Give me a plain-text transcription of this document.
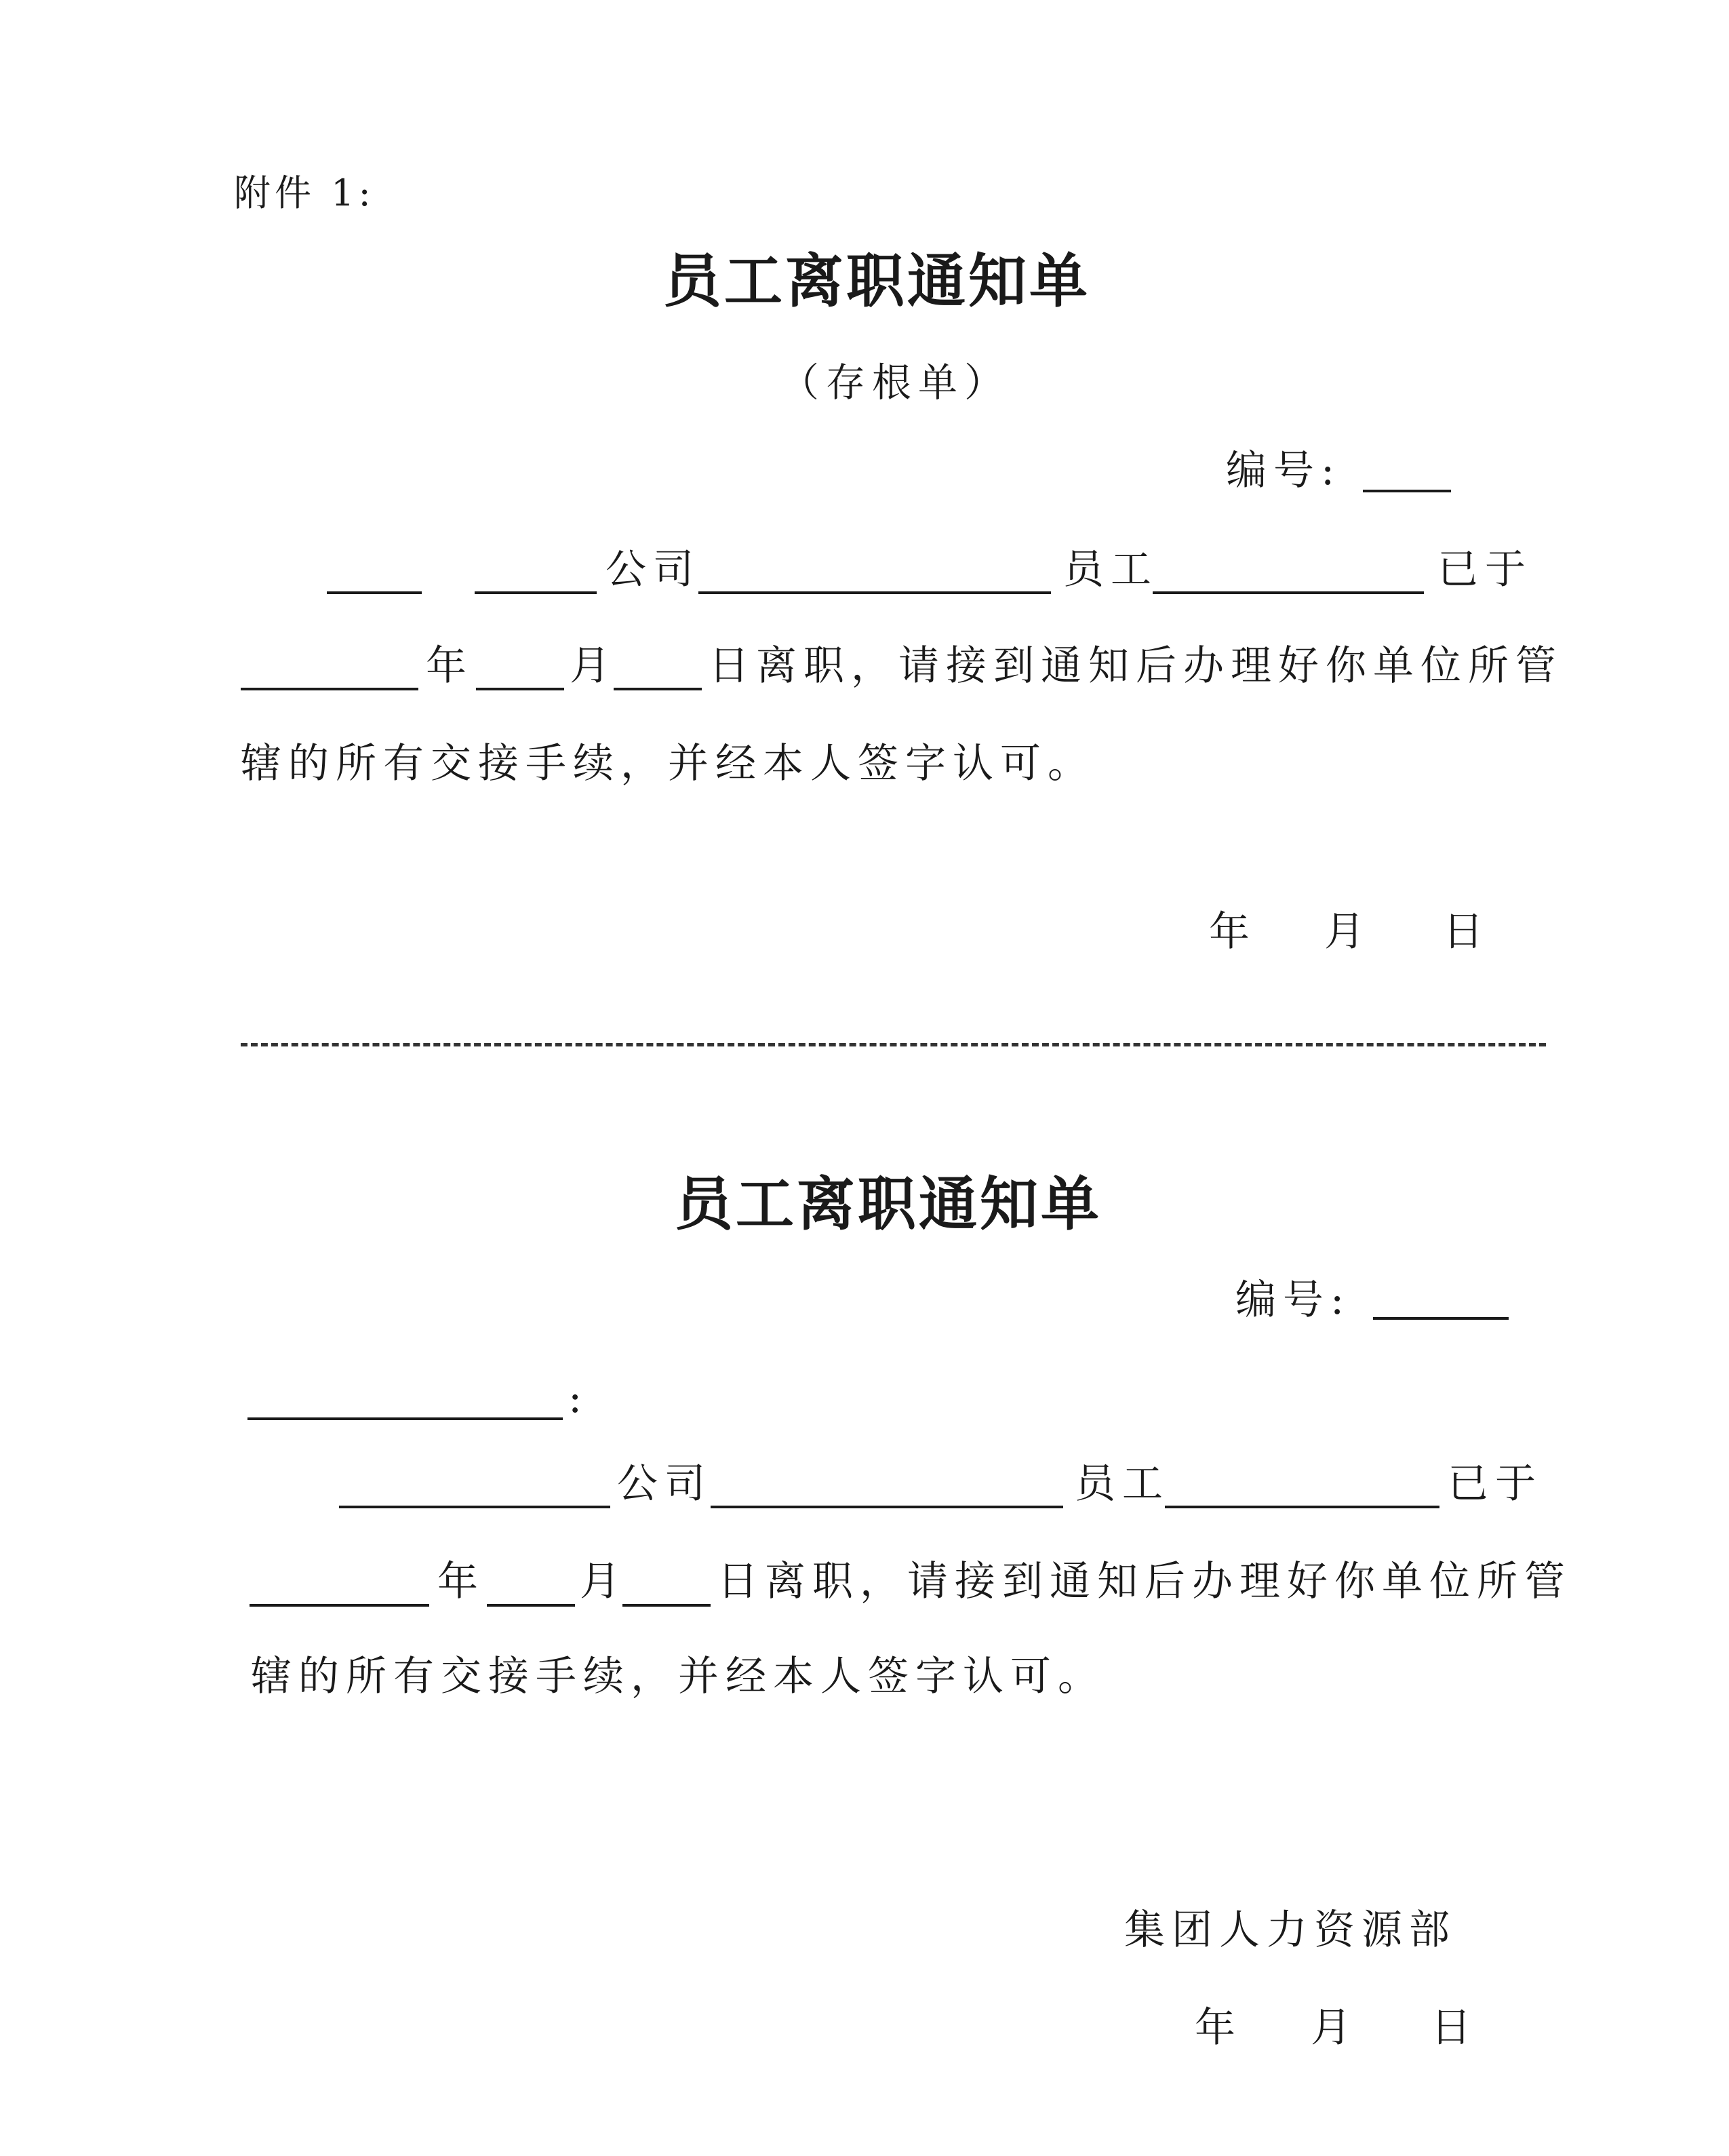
附件 1:
员工离职通知单
（存根单）
编号:
公司	员工	已于
年 月 日离职，请接到通知后办理好你单位所管
辖的所有交接手续，并经本人签字认可。
年 月 日
员工离职通知单
编号:
:
公司	员工	已于
年 月 日离职，请接到通知后办理好你单位所管
辖的所有交接手续，并经本人签字认可。
集团人力资源部
年 月 日
